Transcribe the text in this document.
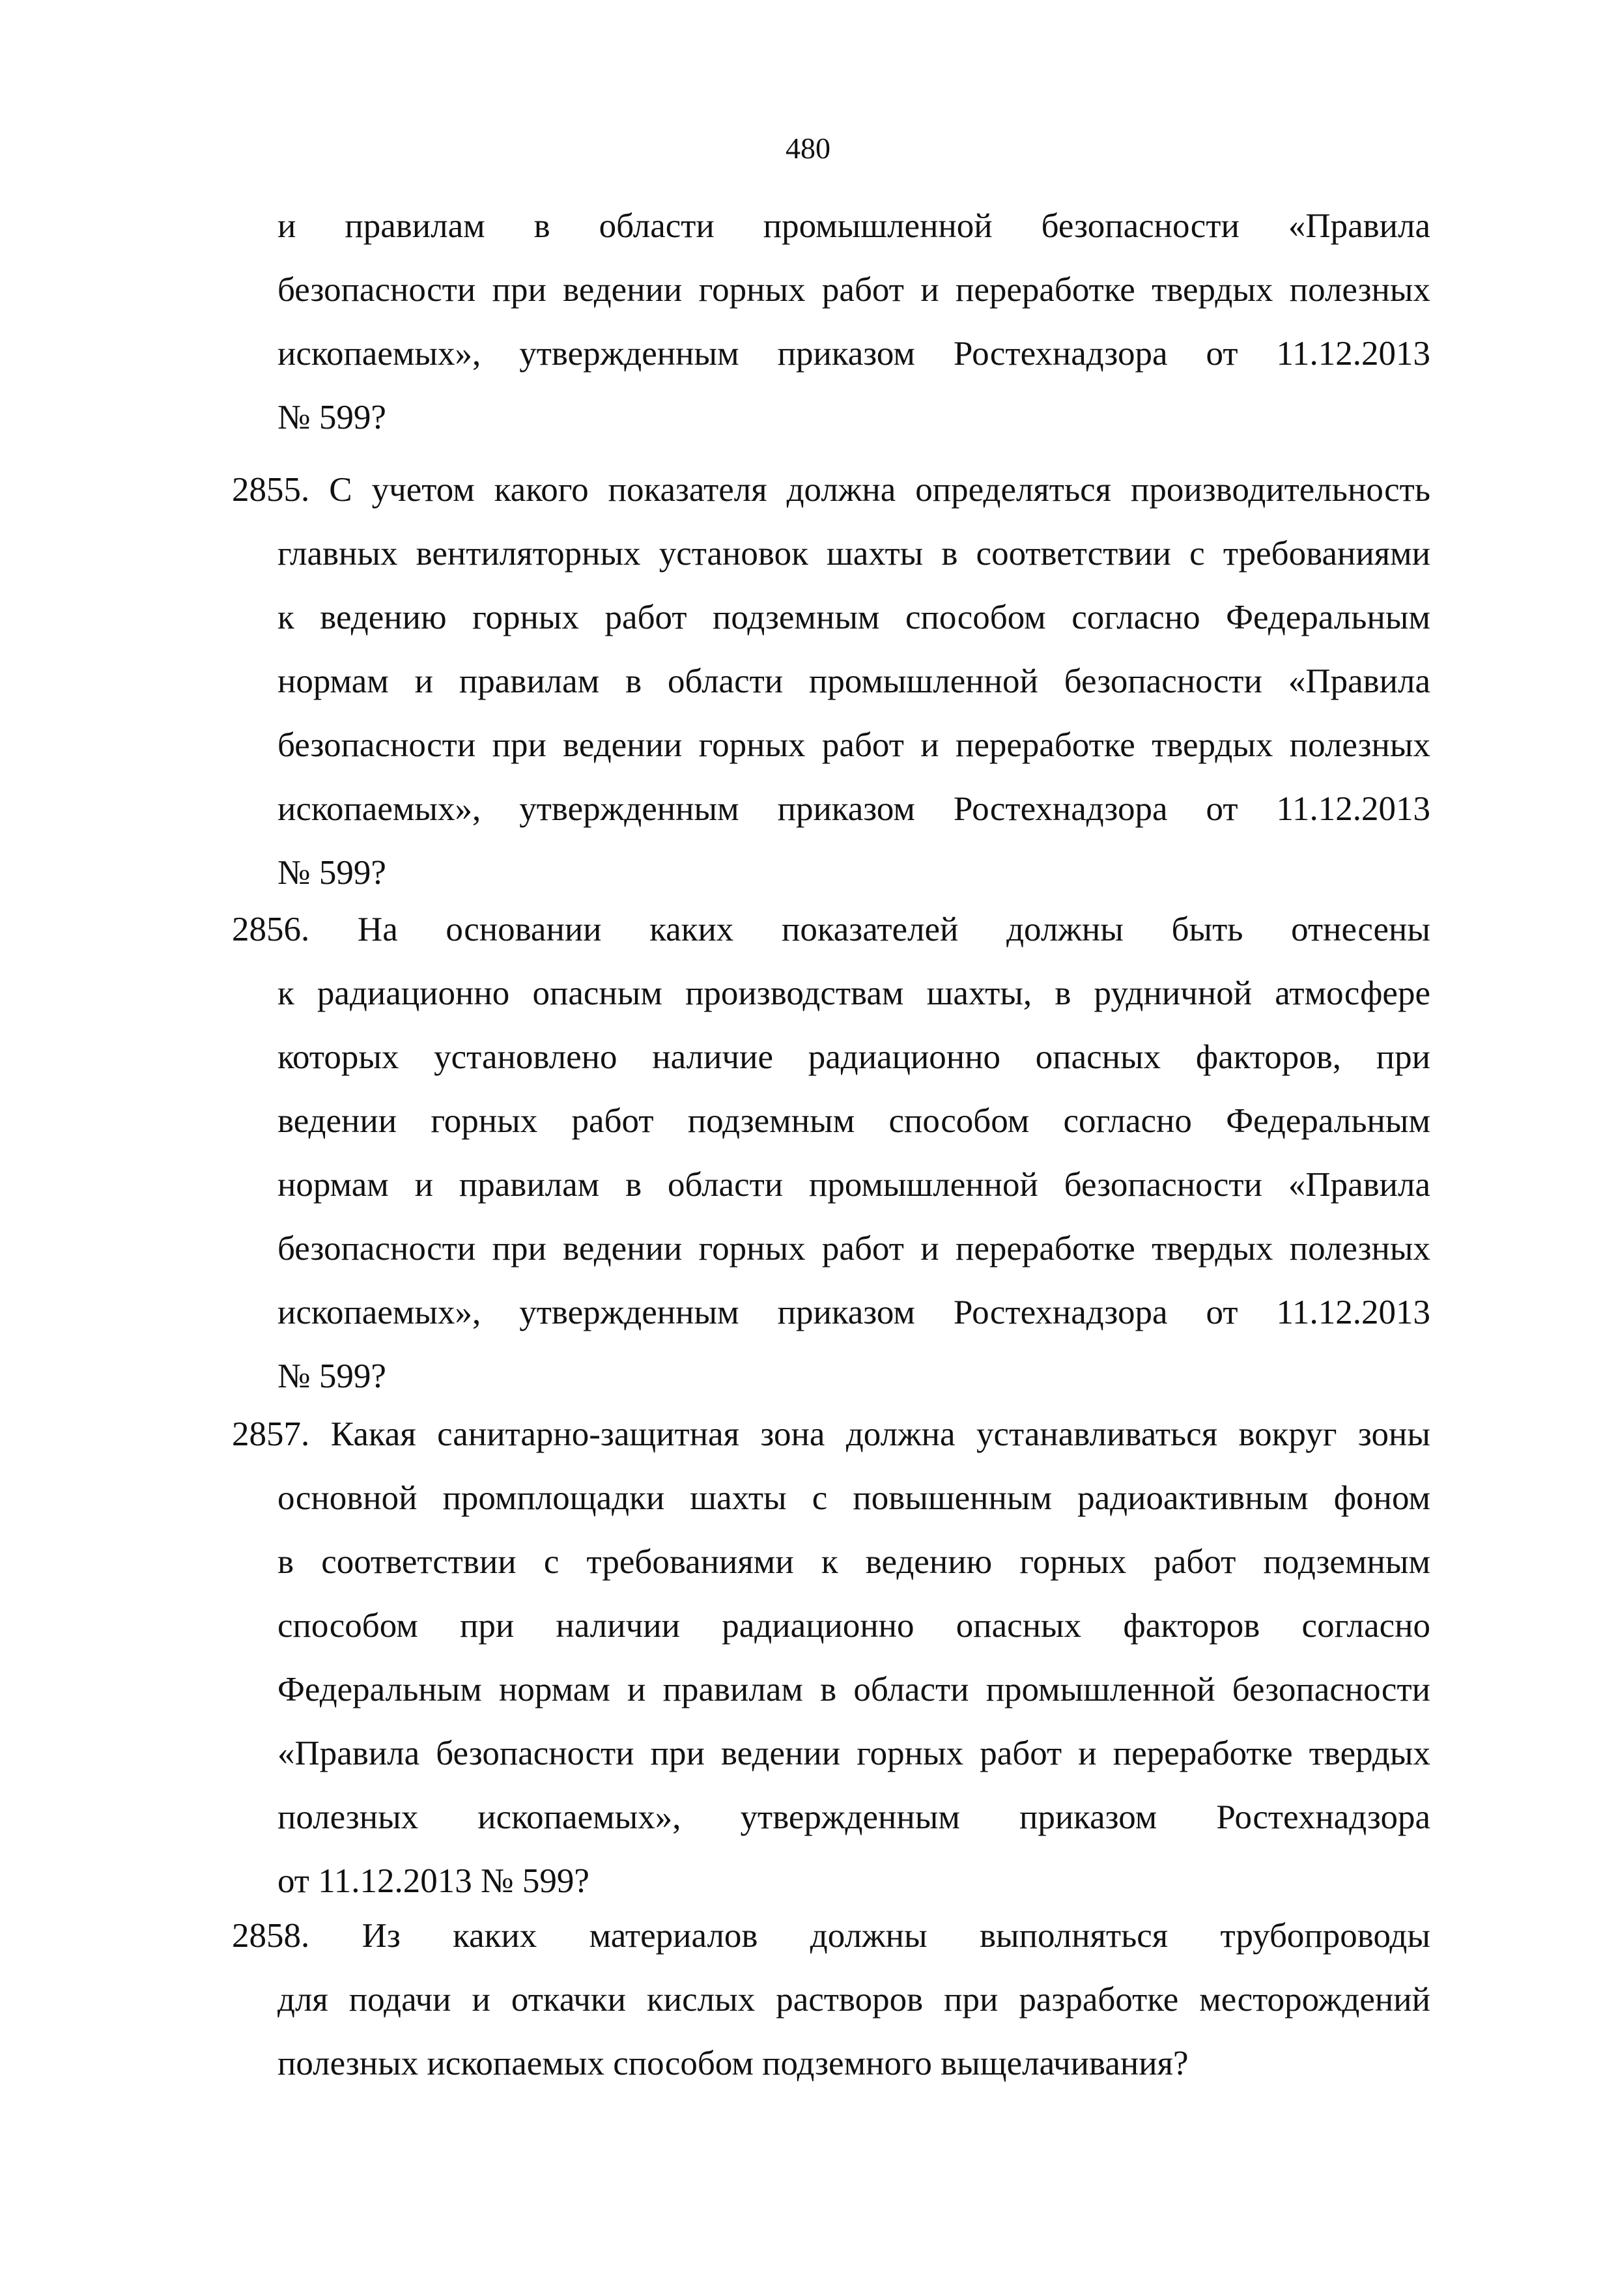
480
и правилам в области промышленной безопасности «Правила
безопасности при ведении горных работ и переработке твердых полезных
ископаемых», утвержденным приказом Ростехнадзора от 11.12.2013
№ 599?
2855. С учетом какого показателя должна определяться производительность
главных вентиляторных установок шахты в соответствии с требованиями
к ведению горных работ подземным способом согласно Федеральным
нормам и правилам в области промышленной безопасности «Правила
безопасности при ведении горных работ и переработке твердых полезных
ископаемых», утвержденным приказом Ростехнадзора от 11.12.2013
№ 599?
2856. На основании каких показателей должны быть отнесены
к радиационно опасным производствам шахты, в рудничной атмосфере
которых установлено наличие радиационно опасных факторов, при
ведении горных работ подземным способом согласно Федеральным
нормам и правилам в области промышленной безопасности «Правила
безопасности при ведении горных работ и переработке твердых полезных
ископаемых», утвержденным приказом Ростехнадзора от 11.12.2013
№ 599?
2857. Какая санитарно-защитная зона должна устанавливаться вокруг зоны
основной промплощадки шахты с повышенным радиоактивным фоном
в соответствии с требованиями к ведению горных работ подземным
способом при наличии радиационно опасных факторов согласно
Федеральным нормам и правилам в области промышленной безопасности
«Правила безопасности при ведении горных работ и переработке твердых
полезных ископаемых», утвержденным приказом Ростехнадзора
от 11.12.2013 № 599?
2858. Из каких материалов должны выполняться трубопроводы
для подачи и откачки кислых растворов при разработке месторождений
полезных ископаемых способом подземного выщелачивания?
